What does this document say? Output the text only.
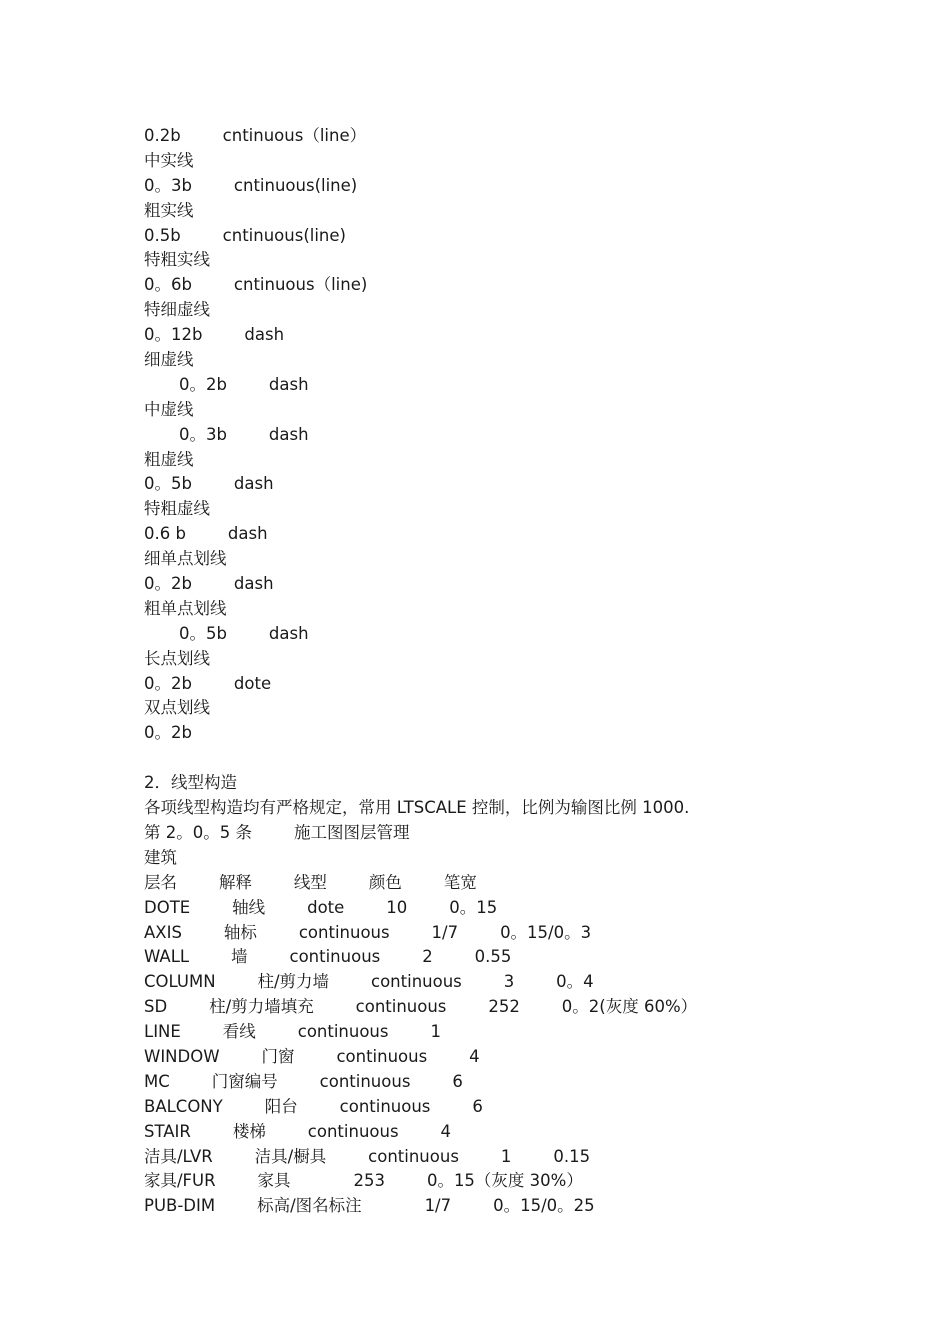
0.2b        cntinuous（line）
中实线
0。3b        cntinuous(line)
粗实线
0.5b        cntinuous(line)
特粗实线
0。6b        cntinuous（line)
特细虚线
0。12b        dash
细虚线
0。2b        dash
中虚线
0。3b        dash
粗虚线
0。5b        dash
特粗虚线
0.6 b        dash
细单点划线
0。2b        dash
粗单点划线
0。5b        dash
长点划线
0。2b        dote
双点划线
0。2b
2．线型构造
各项线型构造均有严格规定，常用 LTSCALE 控制，比例为输图比例 1000.
第 2。0。5 条        施工图图层管理
建筑
层名        解释        线型        颜色        笔宽
DOTE        轴线        dote        10        0。15
AXIS        轴标        continuous        1/7        0。15/0。3
WALL        墙        continuous        2        0.55
COLUMN        柱/剪力墙        continuous        3        0。4
SD        柱/剪力墙填充        continuous        252        0。2(灰度 60%）
LINE        看线        continuous        1
WINDOW        门窗        continuous        4
MC        门窗编号        continuous        6
BALCONY        阳台        continuous        6
STAIR        楼梯        continuous        4
洁具/LVR        洁具/橱具        continuous        1        0.15
家具/FUR        家具            253        0。15（灰度 30%）
PUB-DIM        标高/图名标注            1/7        0。15/0。25
